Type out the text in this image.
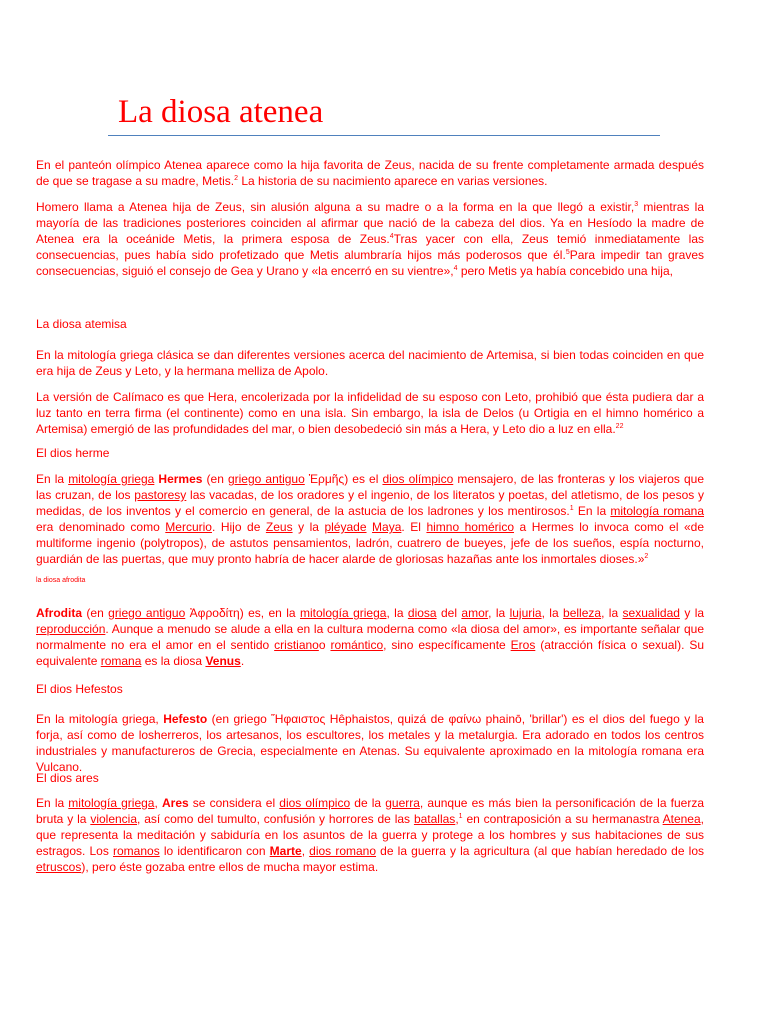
La diosa atenea

En el panteón olímpico Atenea aparece como la hija favorita de Zeus, nacida de su frente completamente armada después de que se tragase a su madre, Metis.$^2$ La historia de su nacimiento aparece en varias versiones.

Homero llama a Atenea hija de Zeus, sin alusión alguna a su madre o a la forma en la que llegó a existir,$^3$ mientras la mayoría de las tradiciones posteriores coinciden al afirmar que nació de la cabeza del dios. Ya en Hesíodo la madre de Atenea era la oceánide Metis, la primera esposa de Zeus.$^4$Tras yacer con ella, Zeus temió inmediatamente las consecuencias, pues había sido profetizado que Metis alumbraría hijos más poderosos que él.$^5$Para impedir tan graves consecuencias, siguió el consejo de Gea y Urano y «la encerró en su vientre»,$^4$ pero Metis ya había concebido una hija,

La diosa atemisa

En la mitología griega clásica se dan diferentes versiones acerca del nacimiento de Artemisa, si bien todas coinciden en que era hija de Zeus y Leto, y la hermana melliza de Apolo.

La versión de Calímaco es que Hera, encolerizada por la infidelidad de su esposo con Leto, prohibió que ésta pudiera dar a luz tanto en terra firma (el continente) como en una isla. Sin embargo, la isla de Delos (u Ortigia en el himno homérico a Artemisa) emergió de las profundidades del mar, o bien desobedeció sin más a Hera, y Leto dio a luz en ella.$^{22}$

El dios herme

En la mitología griega Hermes (en griego antiguo Ἑρμῆς) es el dios olímpico mensajero, de las fronteras y los viajeros que las cruzan, de los pastoresy las vacadas, de los oradores y el ingenio, de los literatos y poetas, del atletismo, de los pesos y medidas, de los inventos y el comercio en general, de la astucia de los ladrones y los mentirosos.$^1$ En la mitología romana era denominado como Mercurio. Hijo de Zeus y la pléyade Maya. El himno homérico a Hermes lo invoca como el «de multiforme ingenio (polytropos), de astutos pensamientos, ladrón, cuatrero de bueyes, jefe de los sueños, espía nocturno, guardián de las puertas, que muy pronto habría de hacer alarde de gloriosas hazañas ante los inmortales dioses.»$^2$

la diosa afrodita

Afrodita (en griego antiguo Ἀφροδίτη) es, en la mitología griega, la diosa del amor, la lujuria, la belleza, la sexualidad y la reproducción. Aunque a menudo se alude a ella en la cultura moderna como «la diosa del amor», es importante señalar que normalmente no era el amor en el sentido cristianoo romántico, sino específicamente Eros (atracción física o sexual). Su equivalente romana es la diosa Venus.

El dios Hefestos

En la mitología griega, Hefesto (en griego Ἥφαιστος Hêphaistos, quizá de φαίνω phainō, 'brillar') es el dios del fuego y la forja, así como de losherreros, los artesanos, los escultores, los metales y la metalurgia. Era adorado en todos los centros industriales y manufactureros de Grecia, especialmente en Atenas. Su equivalente aproximado en la mitología romana era Vulcano.

El dios ares

En la mitología griega, Ares se considera el dios olímpico de la guerra, aunque es más bien la personificación de la fuerza bruta y la violencia, así como del tumulto, confusión y horrores de las batallas,$^1$ en contraposición a su hermanastra Atenea, que representa la meditación y sabiduría en los asuntos de la guerra y protege a los hombres y sus habitaciones de sus estragos. Los romanos lo identificaron con Marte, dios romano de la guerra y la agricultura (al que habían heredado de los etruscos), pero éste gozaba entre ellos de mucha mayor estima.
